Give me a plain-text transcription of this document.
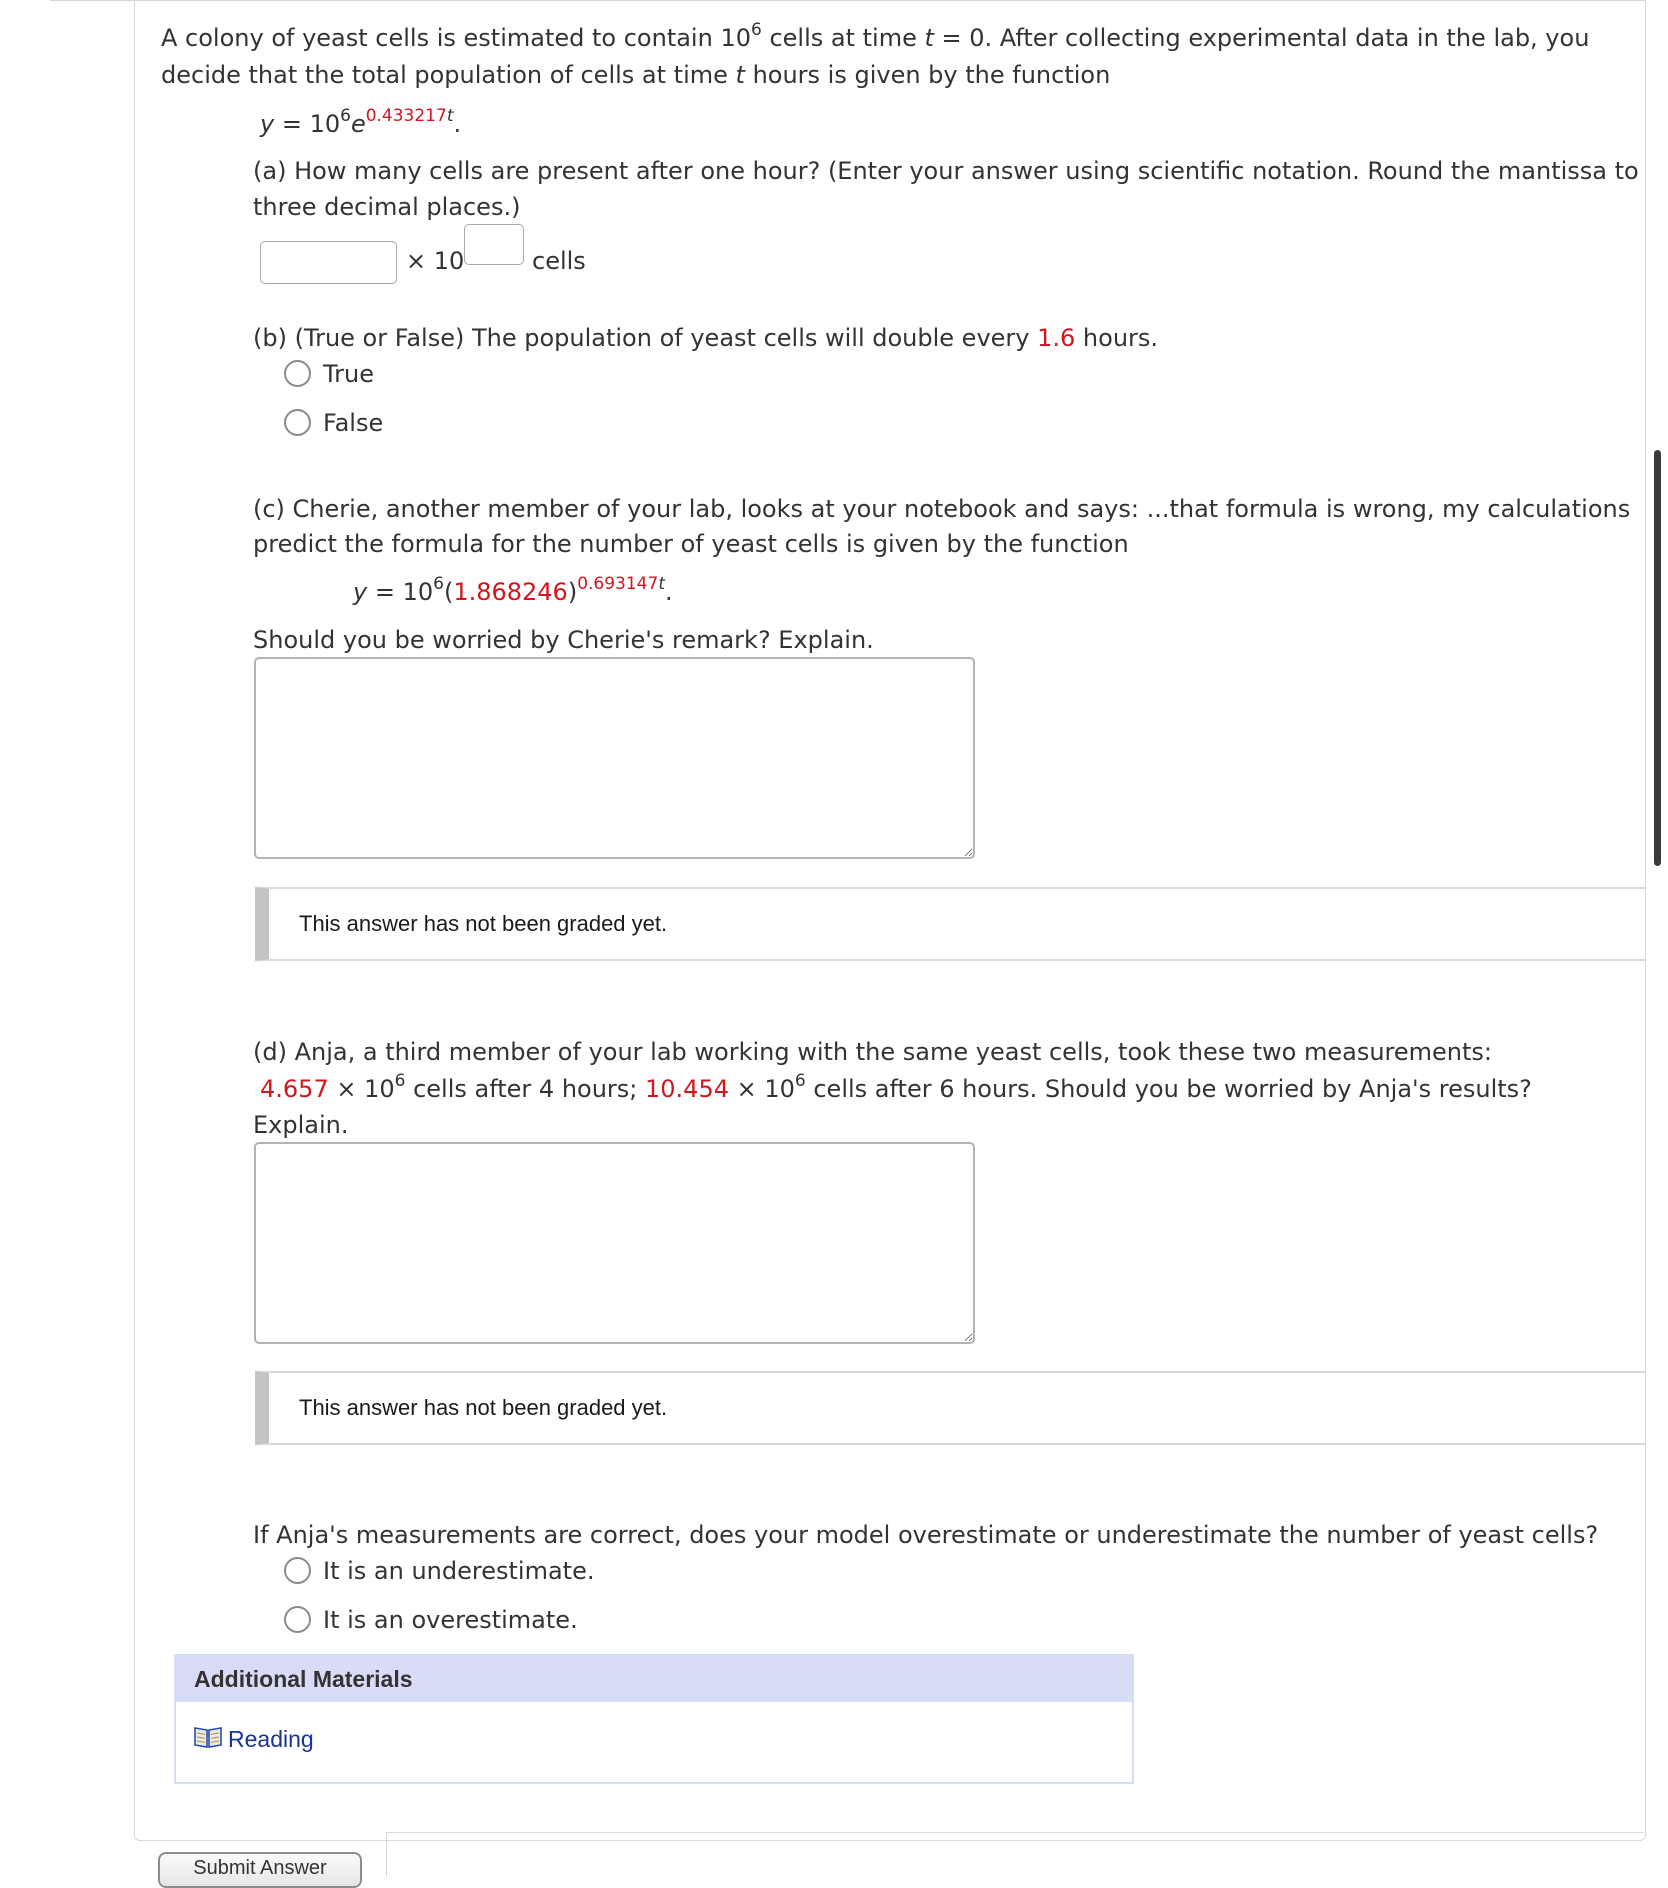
A colony of yeast cells is estimated to contain $10^6$ cells at time t = 0. After collecting experimental data in the lab, you
decide that the total population of cells at time t hours is given by the function
$y = 10^6e^{0.433217t}$.
(a) How many cells are present after one hour? (Enter your answer using scientific notation. Round the mantissa to
three decimal places.)
× 10	cells
(b) (True or False) The population of yeast cells will double every 1.6 hours.
True
False
(c) Cherie, another member of your lab, looks at your notebook and says: ...that formula is wrong, my calculations
predict the formula for the number of yeast cells is given by the function
$y = 10^6(1.868246)^{0.693147t}$.
Should you be worried by Cherie's remark? Explain.
This answer has not been graded yet.
(d) Anja, a third member of your lab working with the same yeast cells, took these two measurements:
$4.657 \times 10^6$ cells after 4 hours; $10.454 \times 10^6$ cells after 6 hours. Should you be worried by Anja's results?
Explain.
This answer has not been graded yet.
If Anja's measurements are correct, does your model overestimate or underestimate the number of yeast cells?
It is an underestimate.
It is an overestimate.
Additional Materials
Reading
Submit Answer
